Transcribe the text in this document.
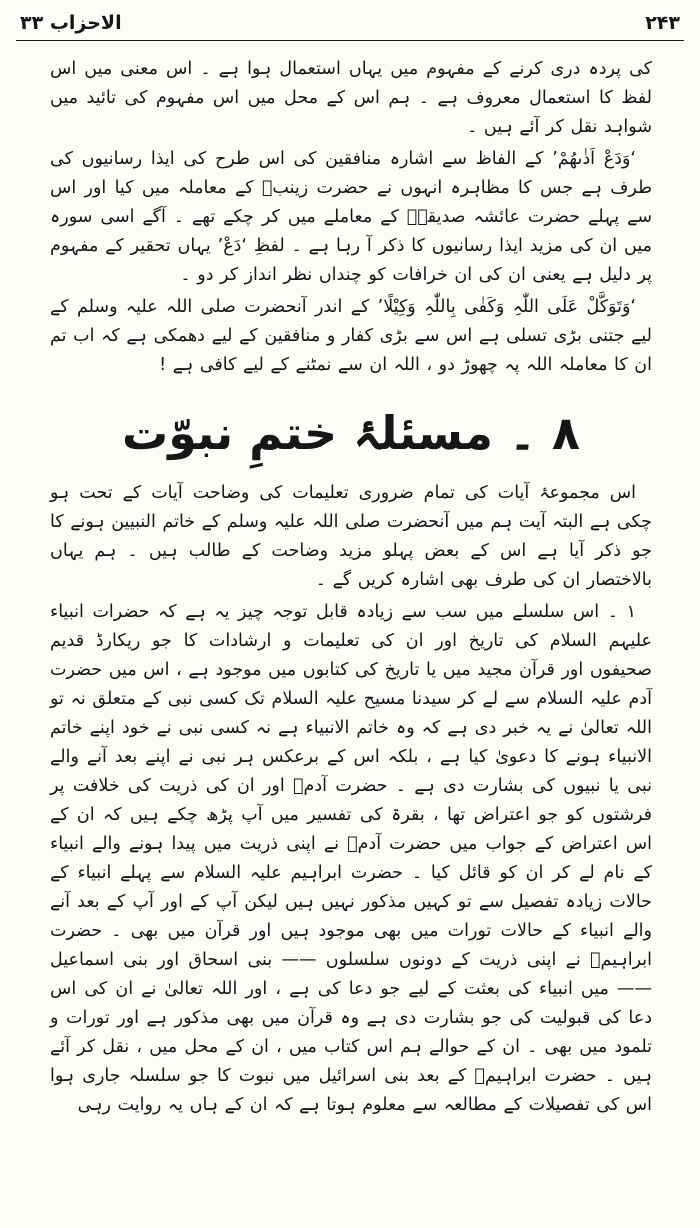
الاحزاب ۳۳	۲۴۳

کی پردہ دری کرنے کے مفہوم میں یہاں استعمال ہوا ہے ۔ اس معنی میں اس لفظ کا استعمال معروف ہے ۔ ہم اس کے محل میں اس مفہوم کی تائید میں شواہد نقل کر آئے ہیں ۔

‘وَدَعْ اَذٰىهُمْ’ کے الفاظ سے اشارہ منافقین کی اس طرح کی ایذا رسانیوں کی طرف ہے جس کا مظاہرہ انہوں نے حضرت زینبؓ کے معاملہ میں کیا اور اس سے پہلے حضرت عائشہ صدیقہؓ کے معاملے میں کر چکے تھے ۔ آگے اسی سورہ میں ان کی مزید ایذا رسانیوں کا ذکر آ رہا ہے ۔ لفظِ ‘دَعْ’ یہاں تحقیر کے مفہوم پر دلیل ہے یعنی ان کی ان خرافات کو چنداں نظر انداز کر دو ۔

‘وَتَوَکَّلْ عَلَی اللّٰہِ وَکَفٰی بِاللّٰہِ وَکِیْلًا’ کے اندر آنحضرت صلی اللہ علیہ وسلم کے لیے جتنی بڑی تسلی ہے اس سے بڑی کفار و منافقین کے لیے دھمکی ہے کہ اب تم ان کا معاملہ اللہ پہ چھوڑ دو ، اللہ ان سے نمٹنے کے لیے کافی ہے !

۸ ۔ مسئلۂ ختمِ نبوّت

اس مجموعۂ آیات کی تمام ضروری تعلیمات کی وضاحت آیات کے تحت ہو چکی ہے البتہ آیت ہم میں آنحضرت صلی اللہ علیہ وسلم کے خاتم النبیین ہونے کا جو ذکر آیا ہے اس کے بعض پہلو مزید وضاحت کے طالب ہیں ۔ ہم یہاں بالاختصار ان کی طرف بھی اشارہ کریں گے ۔

۱ ۔ اس سلسلے میں سب سے زیادہ قابل توجہ چیز یہ ہے کہ حضرات انبیاء علیہم السلام کی تاریخ اور ان کی تعلیمات و ارشادات کا جو ریکارڈ قدیم صحیفوں اور قرآن مجید میں یا تاریخ کی کتابوں میں موجود ہے ، اس میں حضرت آدم علیہ السلام سے لے کر سیدنا مسیح علیہ السلام تک کسی نبی کے متعلق نہ تو اللہ تعالیٰ نے یہ خبر دی ہے کہ وہ خاتم الانبیاء ہے نہ کسی نبی نے خود اپنے خاتم الانبیاء ہونے کا دعویٰ کیا ہے ، بلکہ اس کے برعکس ہر نبی نے اپنے بعد آنے والے نبی یا نبیوں کی بشارت دی ہے ۔ حضرت آدمؑ اور ان کی ذریت کی خلافت پر فرشتوں کو جو اعتراض تھا ، بقرۃ کی تفسیر میں آپ پڑھ چکے ہیں کہ ان کے اس اعتراض کے جواب میں حضرت آدمؑ نے اپنی ذریت میں پیدا ہونے والے انبیاء کے نام لے کر ان کو قائل کیا ۔ حضرت ابراہیم علیہ السلام سے پہلے انبیاء کے حالات زیادہ تفصیل سے تو کہیں مذکور نہیں ہیں لیکن آپ کے اور آپ کے بعد آنے والے انبیاء کے حالات تورات میں بھی موجود ہیں اور قرآن میں بھی ۔ حضرت ابراہیمؑ نے اپنی ذریت کے دونوں سلسلوں —— بنی اسحاق اور بنی اسماعیل —— میں انبیاء کی بعثت کے لیے جو دعا کی ہے ، اور اللہ تعالیٰ نے ان کی اس دعا کی قبولیت کی جو بشارت دی ہے وہ قرآن میں بھی مذکور ہے اور تورات و تلمود میں بھی ۔ ان کے حوالے ہم اس کتاب میں ، ان کے محل میں ، نقل کر آئے ہیں ۔ حضرت ابراہیمؑ کے بعد بنی اسرائیل میں نبوت کا جو سلسلہ جاری ہوا اس کی تفصیلات کے مطالعہ سے معلوم ہوتا ہے کہ ان کے ہاں یہ روایت رہی
